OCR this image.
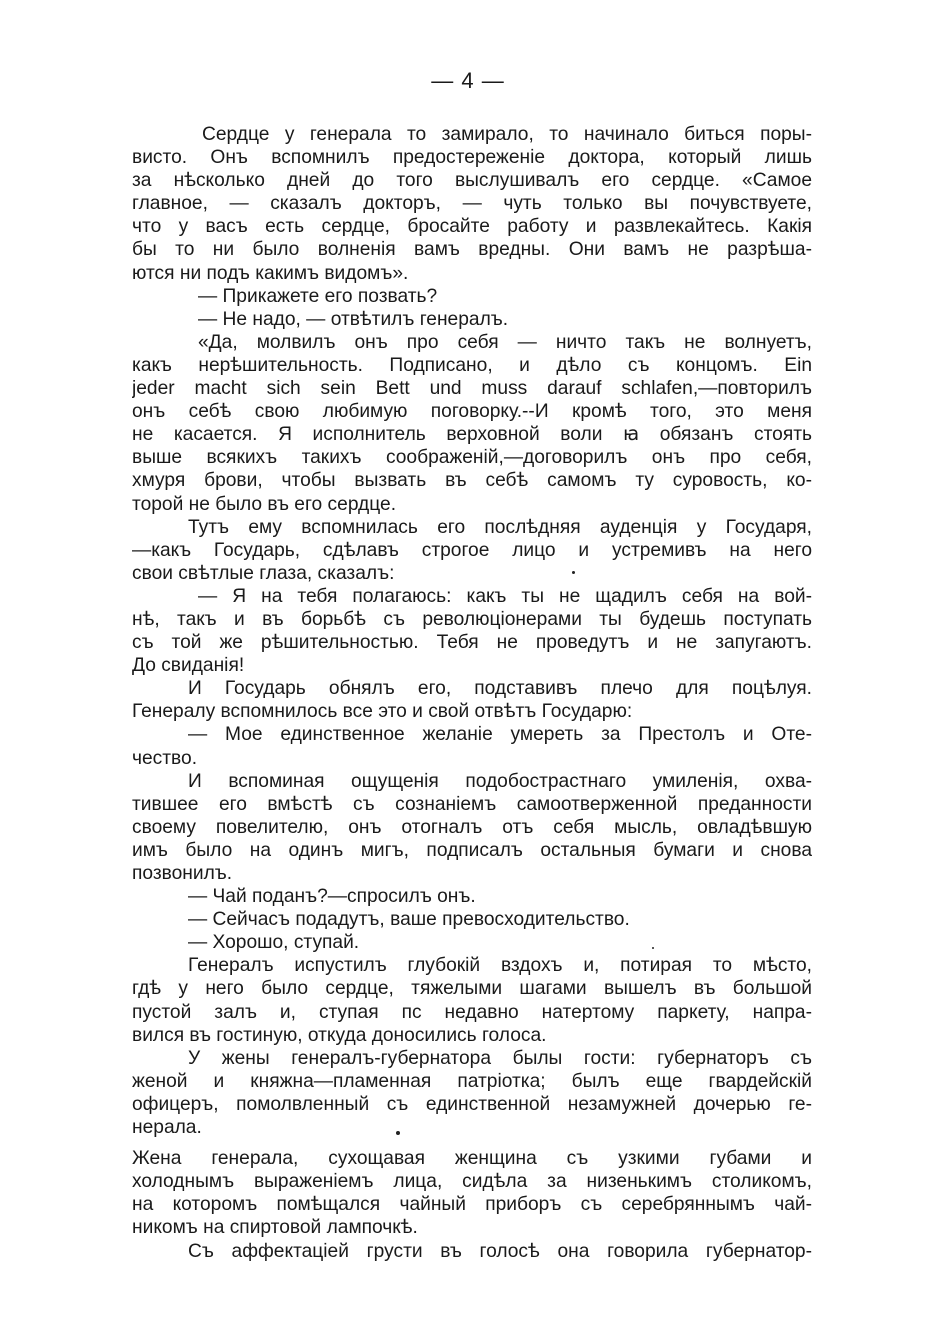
— 4 —
Сердце у генерала то замирало, то начинало биться поры-
висто. Онъ вспомнилъ предостереженіе доктора, который лишь
за нѣсколько дней до того выслушивалъ его сердце. «Самое
главное, — сказалъ докторъ, — чуть только вы почувствуете,
что у васъ есть сердце, бросайте работу и развлекайтесь. Какія
бы то ни было волненія вамъ вредны. Они вамъ не разрѣша-
ются ни подъ какимъ видомъ».
— Прикажете его позвать?
— Не надо, — отвѣтилъ генералъ.
«Да, молвилъ онъ про себя — ничто такъ не волнуетъ,
какъ нерѣшительность. Подписано, и дѣло съ концомъ. Ein
jeder macht sich sein Bett und muss darauf schlafen,—повторилъ
онъ себѣ свою любимую поговорку.--И кромѣ того, это меня
не касается. Я исполнитель верховной воли ꙗ обязанъ стоять
выше всякихъ такихъ соображеній,—договорилъ онъ про себя,
хмуря брови, чтобы вызвать въ себѣ самомъ ту суровость, ко-
торой не было въ его сердце.
Тутъ ему вспомнилась его послѣдняя ауденція у Государя,
—какъ Государь, сдѣлавъ строгое лицо и устремивъ на него
свои свѣтлые глаза, сказалъ:
— Я на тебя полагаюсь: какъ ты не щадилъ себя на вой-
нѣ, такъ и въ борьбѣ съ революціонерами ты будешь поступать
съ той же рѣшительностью. Тебя не проведутъ и не запугаютъ.
До свиданія!
И Государь обнялъ его, подставивъ плечо для поцѣлуя.
Генералу вспомнилось все это и свой отвѣтъ Государю:
— Мое единственное желаніе умереть за Престолъ и Оте-
чество.
И вспоминая ощущенія подобострастнаго умиленія, охва-
тившее его вмѣстѣ съ сознаніемъ самоотверженной преданности
своему повелителю, онъ отогналъ отъ себя мысль, овладѣвшую
имъ было на одинъ мигъ, подписалъ остальныя бумаги и снова
позвонилъ.
— Чай поданъ?—спросилъ онъ.
— Сейчасъ подадутъ, ваше превосходительство.
— Хорошо, ступай.
Генералъ испустилъ глубокій вздохъ и, потирая то мѣсто,
гдѣ у него было сердце, тяжелыми шагами вышелъ въ большой
пустой залъ и, ступая пс недавно натертому паркету, напра-
вился въ гостиную, откуда доносились голоса.
У жены генералъ-губернатора былы гости: губернаторъ съ
женой и княжна—пламенная патріотка; былъ еще гвардейскій
офицеръ, помолвленный съ единственной незамужней дочерью ге-
нерала.
Жена генерала, сухощавая женщина съ узкими губами и
холоднымъ выраженіемъ лица, сидѣла за низенькимъ столикомъ,
на которомъ помѣщался чайный приборъ съ серебряннымъ чай-
никомъ на спиртовой лампочкѣ.
Съ аффектаціей грусти въ голосѣ она говорила губернатор-
